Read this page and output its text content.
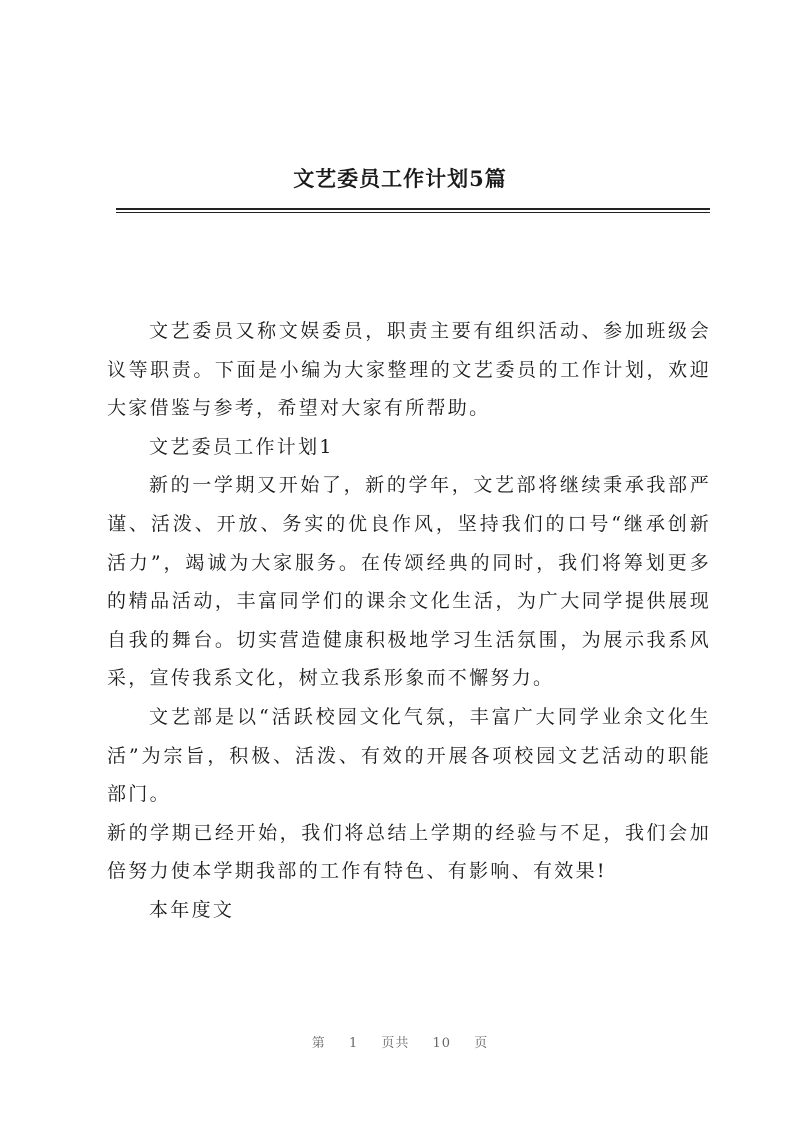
文艺委员工作计划5篇

文艺委员又称文娱委员，职责主要有组织活动、参加班级会议等职责。下面是小编为大家整理的文艺委员的工作计划，欢迎大家借鉴与参考，希望对大家有所帮助。

文艺委员工作计划1

新的一学期又开始了，新的学年，文艺部将继续秉承我部严谨、活泼、开放、务实的优良作风，坚持我们的口号“继承创新活力”，竭诚为大家服务。在传颂经典的同时，我们将筹划更多的精品活动，丰富同学们的课余文化生活，为广大同学提供展现自我的舞台。切实营造健康积极地学习生活氛围，为展示我系风采，宣传我系文化，树立我系形象而不懈努力。

文艺部是以“活跃校园文化气氛，丰富广大同学业余文化生活”为宗旨，积极、活泼、有效的开展各项校园文艺活动的职能部门。

新的学期已经开始，我们将总结上学期的经验与不足，我们会加倍努力使本学期我部的工作有特色、有影响、有效果!

本年度文

第 1 页共 10 页
